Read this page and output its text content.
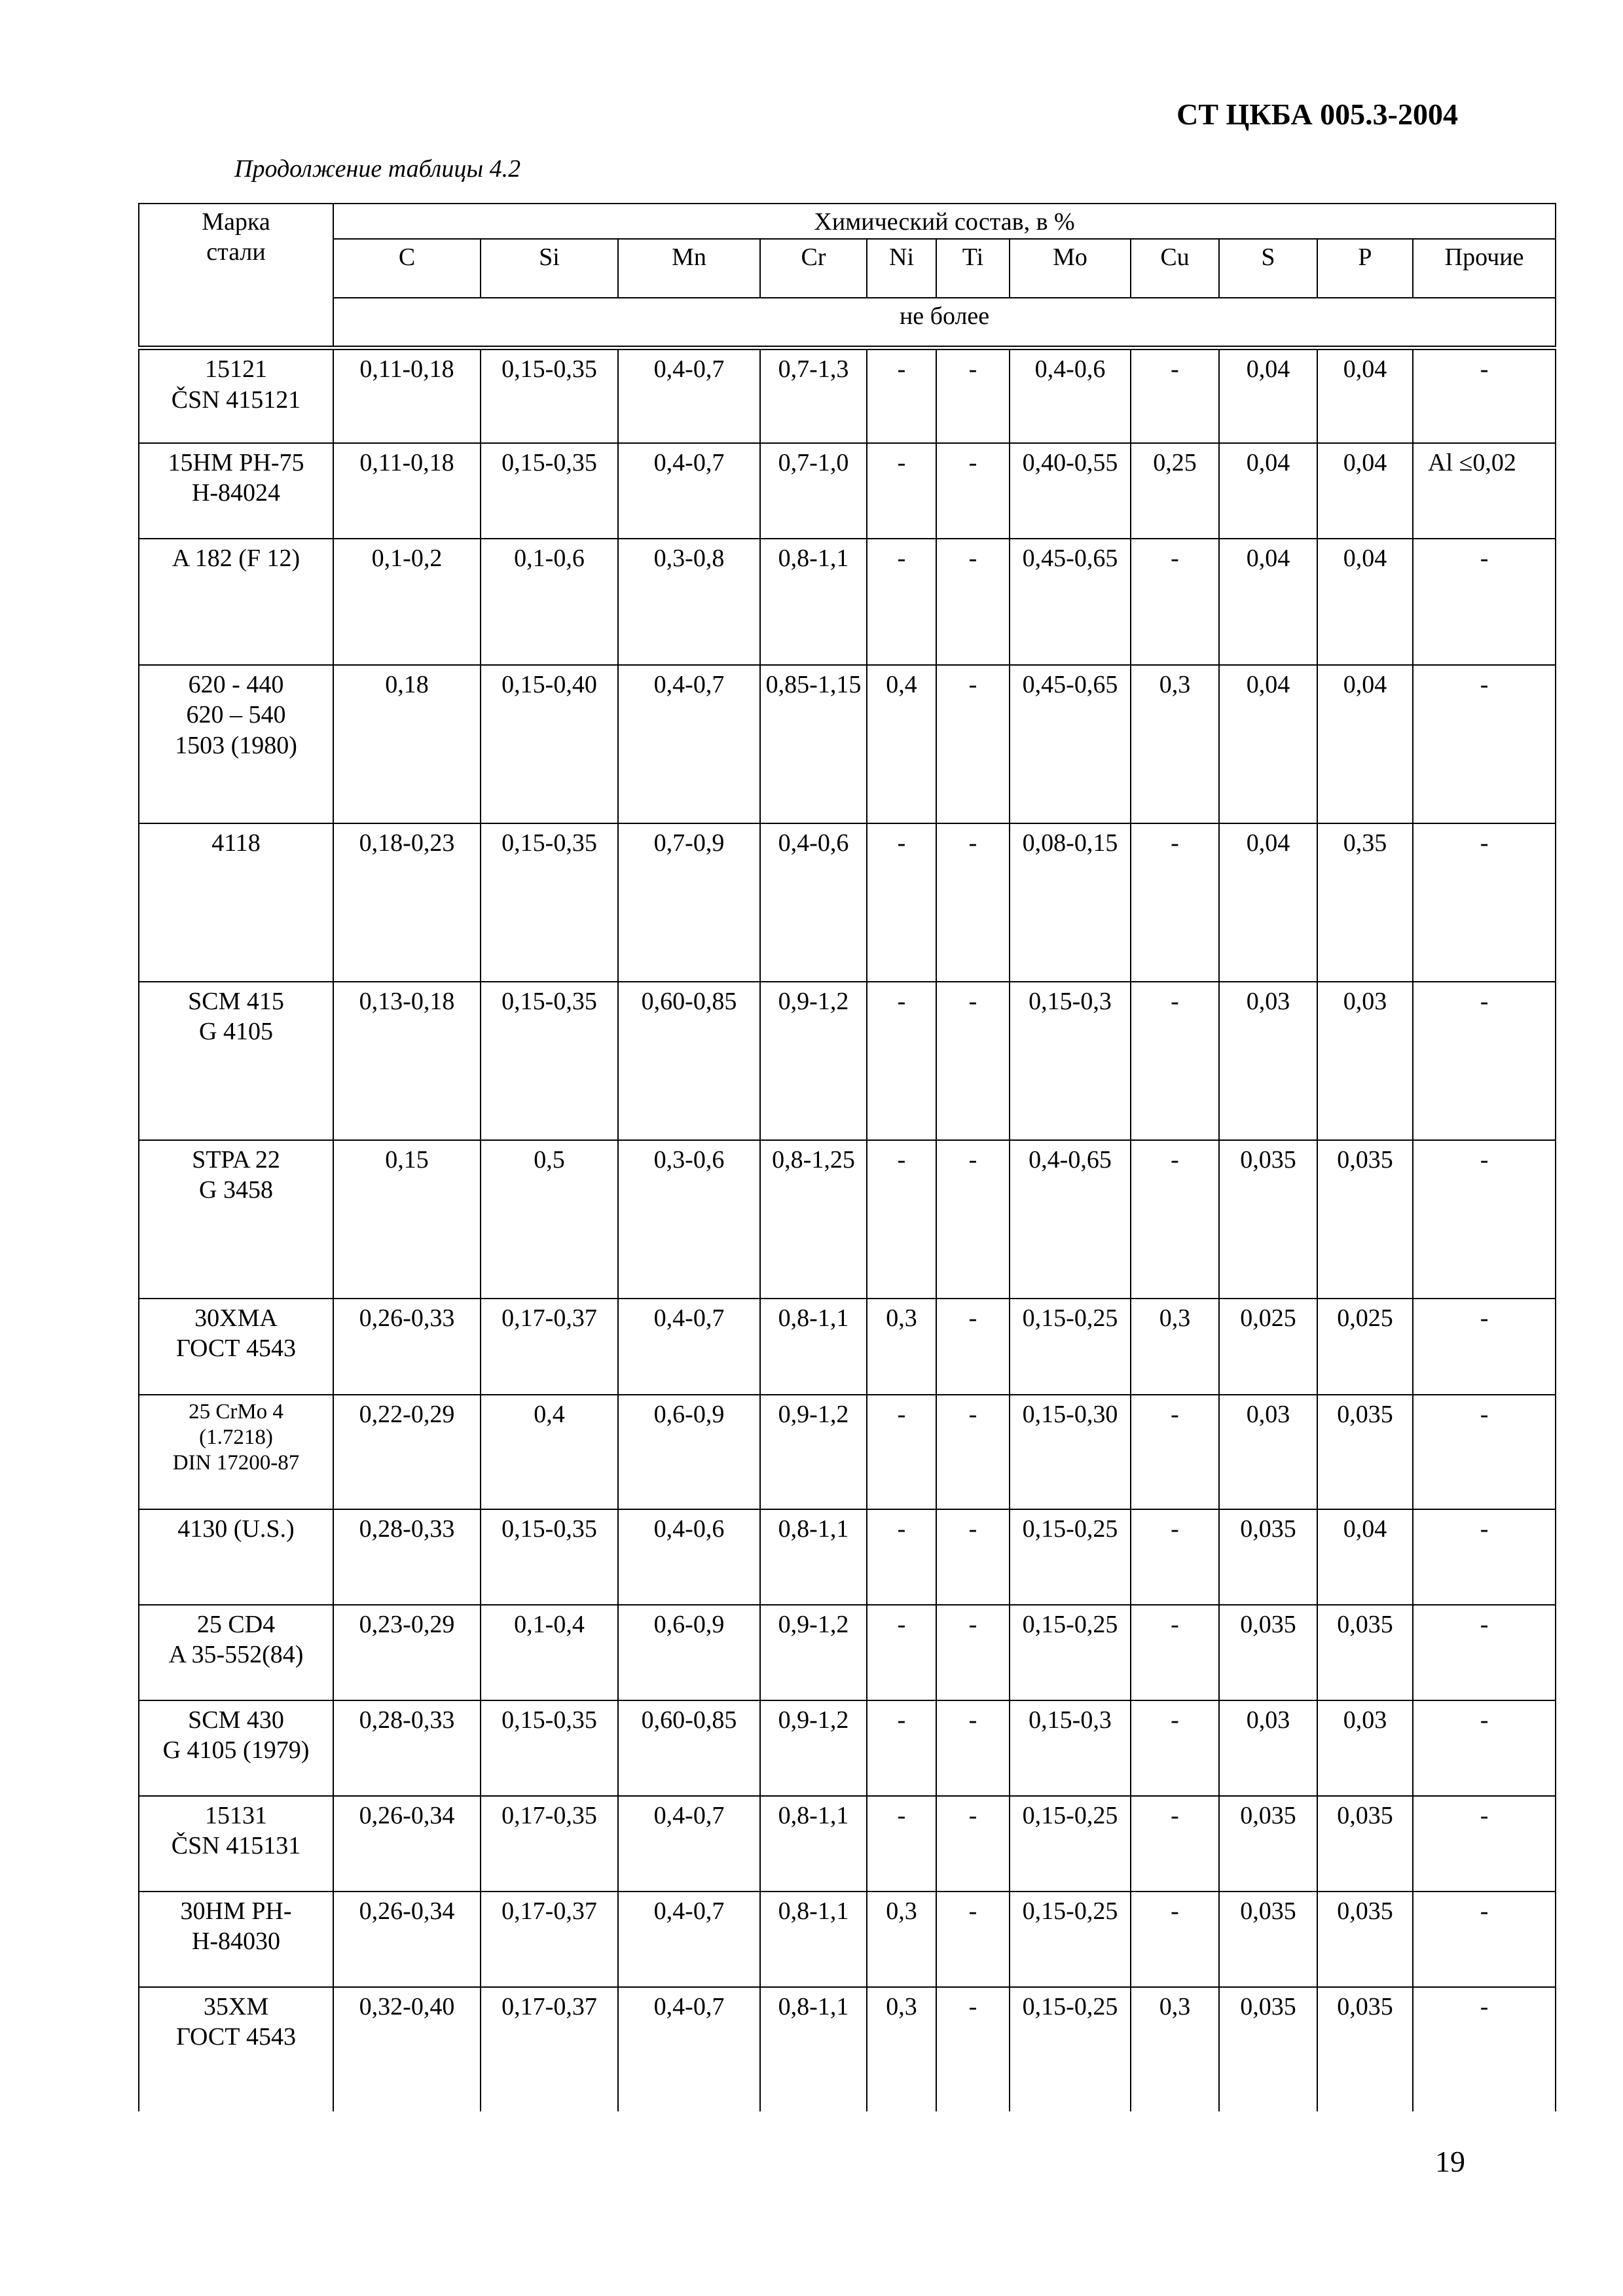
СТ ЦКБА 005.3-2004
Продолжение таблицы 4.2
Марка
стали	Химический состав, в %										
	C	Si	Mn	Cr	Ni	Ti	Mo	Cu	S	P	Прочие
	не более										

15121
ČSN 415121	0,11-0,18	0,15-0,35	0,4-0,7	0,7-1,3	-	-	0,4-0,6	-	0,04	0,04	-

15НМ PH-75
H-84024	0,11-0,18	0,15-0,35	0,4-0,7	0,7-1,0	-	-	0,40-0,55	0,25	0,04	0,04	Al ≤0,02

A 182 (F 12)	0,1-0,2	0,1-0,6	0,3-0,8	0,8-1,1	-	-	0,45-0,65	-	0,04	0,04	-

620 - 440
620 – 540
1503 (1980)	0,18	0,15-0,40	0,4-0,7	0,85-1,15	0,4	-	0,45-0,65	0,3	0,04	0,04	-

4118	0,18-0,23	0,15-0,35	0,7-0,9	0,4-0,6	-	-	0,08-0,15	-	0,04	0,35	-

SCM 415
G 4105	0,13-0,18	0,15-0,35	0,60-0,85	0,9-1,2	-	-	0,15-0,3	-	0,03	0,03	-

STPA 22
G 3458	0,15	0,5	0,3-0,6	0,8-1,25	-	-	0,4-0,65	-	0,035	0,035	-

30ХМА
ГОСТ 4543	0,26-0,33	0,17-0,37	0,4-0,7	0,8-1,1	0,3	-	0,15-0,25	0,3	0,025	0,025	-

25 CrMo 4
(1.7218)
DIN 17200-87	0,22-0,29	0,4	0,6-0,9	0,9-1,2	-	-	0,15-0,30	-	0,03	0,035	-

4130 (U.S.)	0,28-0,33	0,15-0,35	0,4-0,6	0,8-1,1	-	-	0,15-0,25	-	0,035	0,04	-

25 CD4
A 35-552(84)	0,23-0,29	0,1-0,4	0,6-0,9	0,9-1,2	-	-	0,15-0,25	-	0,035	0,035	-

SCM 430
G 4105 (1979)	0,28-0,33	0,15-0,35	0,60-0,85	0,9-1,2	-	-	0,15-0,3	-	0,03	0,03	-

15131
ČSN 415131	0,26-0,34	0,17-0,35	0,4-0,7	0,8-1,1	-	-	0,15-0,25	-	0,035	0,035	-

30НМ PH-
H-84030	0,26-0,34	0,17-0,37	0,4-0,7	0,8-1,1	0,3	-	0,15-0,25	-	0,035	0,035	-

35ХМ
ГОСТ 4543	0,32-0,40	0,17-0,37	0,4-0,7	0,8-1,1	0,3	-	0,15-0,25	0,3	0,035	0,035	-
19
